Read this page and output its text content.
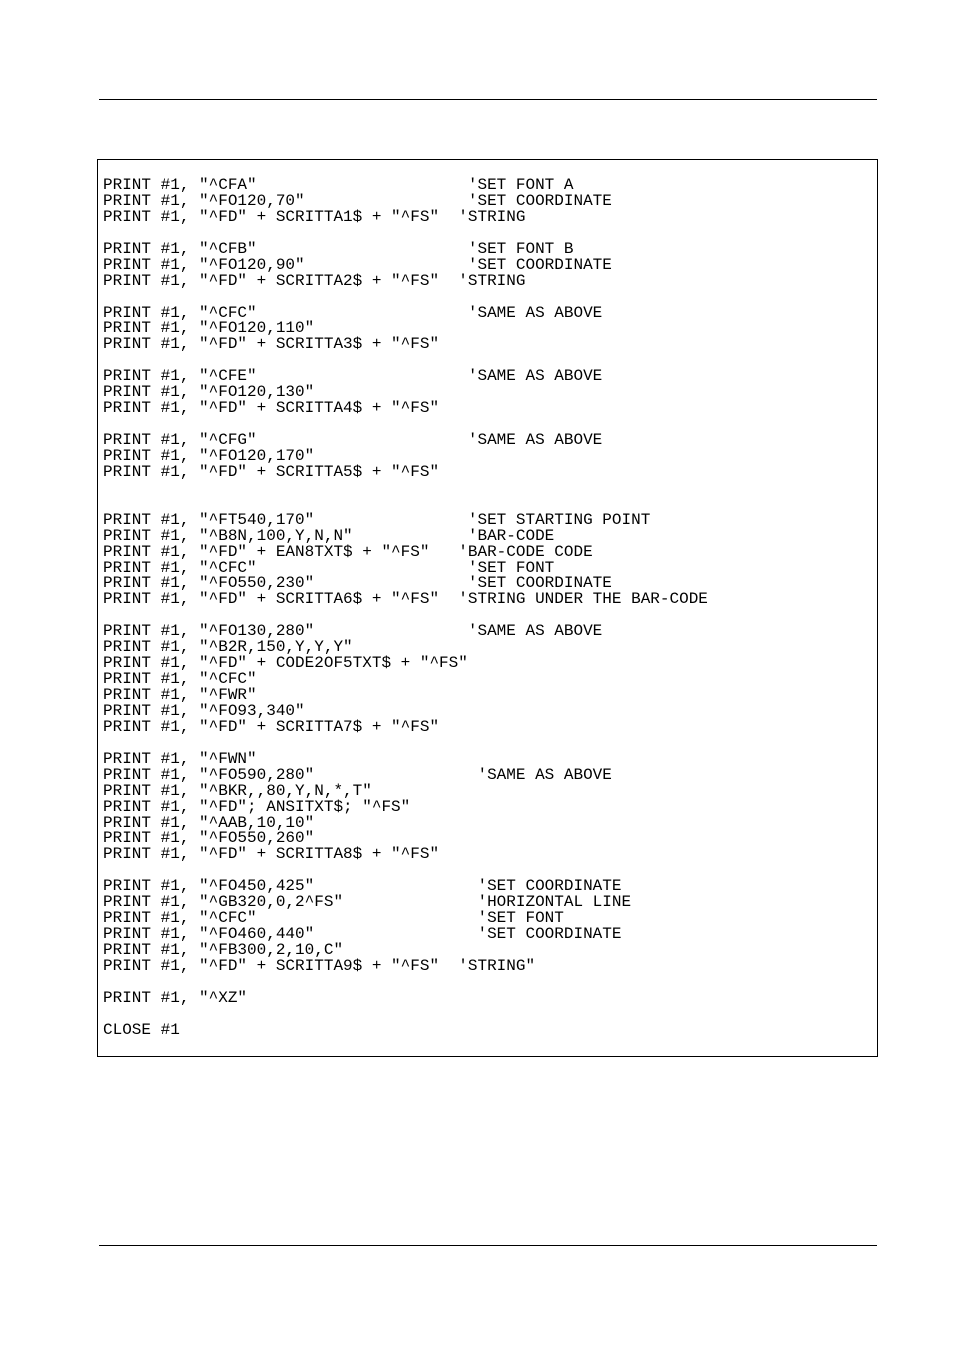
PRINT #1, "^CFA"                      'SET FONT A
PRINT #1, "^FO120,70"                 'SET COORDINATE
PRINT #1, "^FD" + SCRITTA1$ + "^FS"  'STRING
PRINT #1, "^CFB"                      'SET FONT B
PRINT #1, "^FO120,90"                 'SET COORDINATE
PRINT #1, "^FD" + SCRITTA2$ + "^FS"  'STRING
PRINT #1, "^CFC"                      'SAME AS ABOVE
PRINT #1, "^FO120,110"
PRINT #1, "^FD" + SCRITTA3$ + "^FS"
PRINT #1, "^CFE"                      'SAME AS ABOVE
PRINT #1, "^FO120,130"
PRINT #1, "^FD" + SCRITTA4$ + "^FS"
PRINT #1, "^CFG"                      'SAME AS ABOVE
PRINT #1, "^FO120,170"
PRINT #1, "^FD" + SCRITTA5$ + "^FS"
PRINT #1, "^FT540,170"                'SET STARTING POINT
PRINT #1, "^B8N,100,Y,N,N"            'BAR-CODE
PRINT #1, "^FD" + EAN8TXT$ + "^FS"   'BAR-CODE CODE
PRINT #1, "^CFC"                      'SET FONT
PRINT #1, "^FO550,230"                'SET COORDINATE
PRINT #1, "^FD" + SCRITTA6$ + "^FS"  'STRING UNDER THE BAR-CODE
PRINT #1, "^FO130,280"                'SAME AS ABOVE
PRINT #1, "^B2R,150,Y,Y,Y"
PRINT #1, "^FD" + CODE2OF5TXT$ + "^FS"
PRINT #1, "^CFC"
PRINT #1, "^FWR"
PRINT #1, "^FO93,340"
PRINT #1, "^FD" + SCRITTA7$ + "^FS"
PRINT #1, "^FWN"
PRINT #1, "^FO590,280"                 'SAME AS ABOVE
PRINT #1, "^BKR,,80,Y,N,*,T"
PRINT #1, "^FD"; ANSITXT$; "^FS"
PRINT #1, "^AAB,10,10"
PRINT #1, "^FO550,260"
PRINT #1, "^FD" + SCRITTA8$ + "^FS"
PRINT #1, "^FO450,425"                 'SET COORDINATE
PRINT #1, "^GB320,0,2^FS"              'HORIZONTAL LINE
PRINT #1, "^CFC"                       'SET FONT
PRINT #1, "^FO460,440"                 'SET COORDINATE
PRINT #1, "^FB300,2,10,C"
PRINT #1, "^FD" + SCRITTA9$ + "^FS"  'STRING"
PRINT #1, "^XZ"
CLOSE #1
